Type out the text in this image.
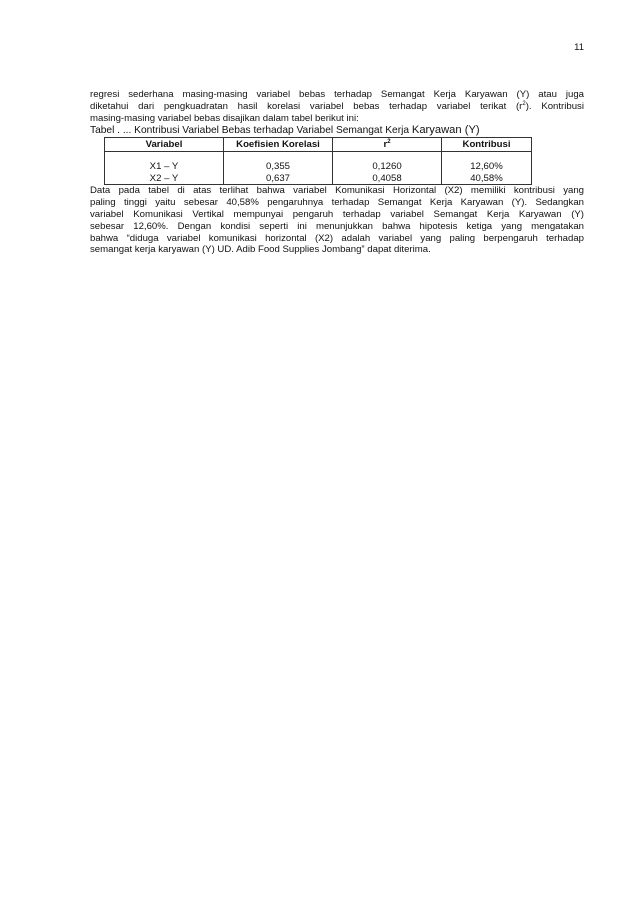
11

regresi sederhana masing-masing variabel bebas terhadap Semangat Kerja Karyawan (Y) atau juga
diketahui dari pengkuadratan hasil korelasi variabel bebas terhadap variabel terikat $(r^2)$. Kontribusi
masing-masing variabel bebas disajikan dalam tabel berikut ini:

Tabel . ... Kontribusi Variabel Bebas terhadap Variabel Semangat Kerja Karyawan (Y)

Variabel	Koefisien Korelasi	$r^2$	Kontribusi

X1 – Y	0,355	0,1260	12,60%
X2 – Y	0,637	0,4058	40,58%

Data pada tabel di atas terlihat bahwa variabel Komunikasi Horizontal (X2) memiliki kontribusi yang
paling tinggi yaitu sebesar 40,58% pengaruhnya terhadap Semangat Kerja Karyawan (Y). Sedangkan
variabel Komunikasi Vertikal mempunyai pengaruh terhadap variabel Semangat Kerja Karyawan (Y)
sebesar 12,60%. Dengan kondisi seperti ini menunjukkan bahwa hipotesis ketiga yang mengatakan
bahwa “diduga variabel komunikasi horizontal (X2) adalah variabel yang paling berpengaruh terhadap
semangat kerja karyawan (Y) UD. Adib Food Supplies Jombang” dapat diterima.
